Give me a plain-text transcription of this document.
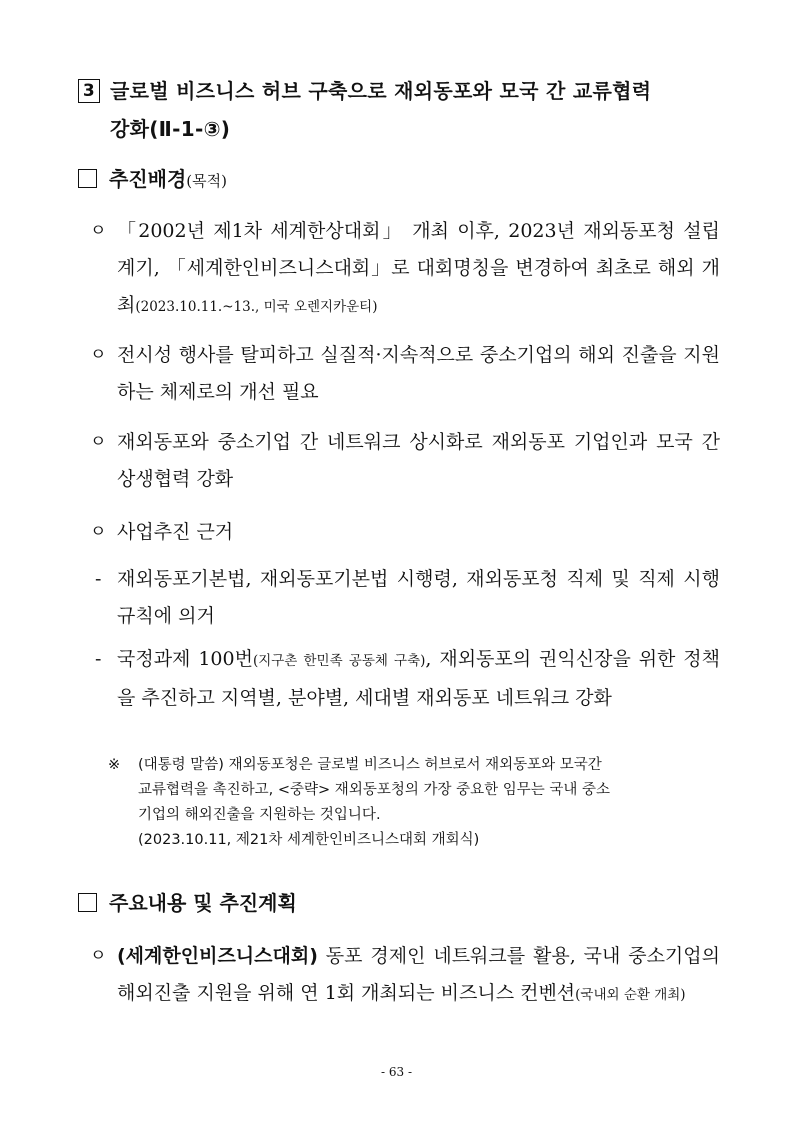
3 글로벌 비즈니스 허브 구축으로 재외동포와 모국 간 교류협력
강화(Ⅱ-1-③)
추진배경(목적)
ㅇ 「2002년 제1차 세계한상대회」 개최 이후, 2023년 재외동포청 설립 계기, 「세계한인비즈니스대회」로 대회명칭을 변경하여 최초로 해외 개최(2023.10.11.~13., 미국 오렌지카운티)
ㅇ 전시성 행사를 탈피하고 실질적·지속적으로 중소기업의 해외 진출을 지원하는 체제로의 개선 필요
ㅇ 재외동포와 중소기업 간 네트워크 상시화로 재외동포 기업인과 모국 간 상생협력 강화
ㅇ 사업추진 근거
- 재외동포기본법, 재외동포기본법 시행령, 재외동포청 직제 및 직제 시행규칙에 의거
- 국정과제 100번(지구촌 한민족 공동체 구축), 재외동포의 권익신장을 위한 정책을 추진하고 지역별, 분야별, 세대별 재외동포 네트워크 강화
※ (대통령 말씀) 재외동포청은 글로벌 비즈니스 허브로서 재외동포와 모국간
교류협력을 촉진하고, <중략> 재외동포청의 가장 중요한 임무는 국내 중소
기업의 해외진출을 지원하는 것입니다.
(2023.10.11, 제21차 세계한인비즈니스대회 개회식)
주요내용 및 추진계획
ㅇ (세계한인비즈니스대회) 동포 경제인 네트워크를 활용, 국내 중소기업의 해외진출 지원을 위해 연 1회 개최되는 비즈니스 컨벤션(국내외 순환 개최)
- 63 -
